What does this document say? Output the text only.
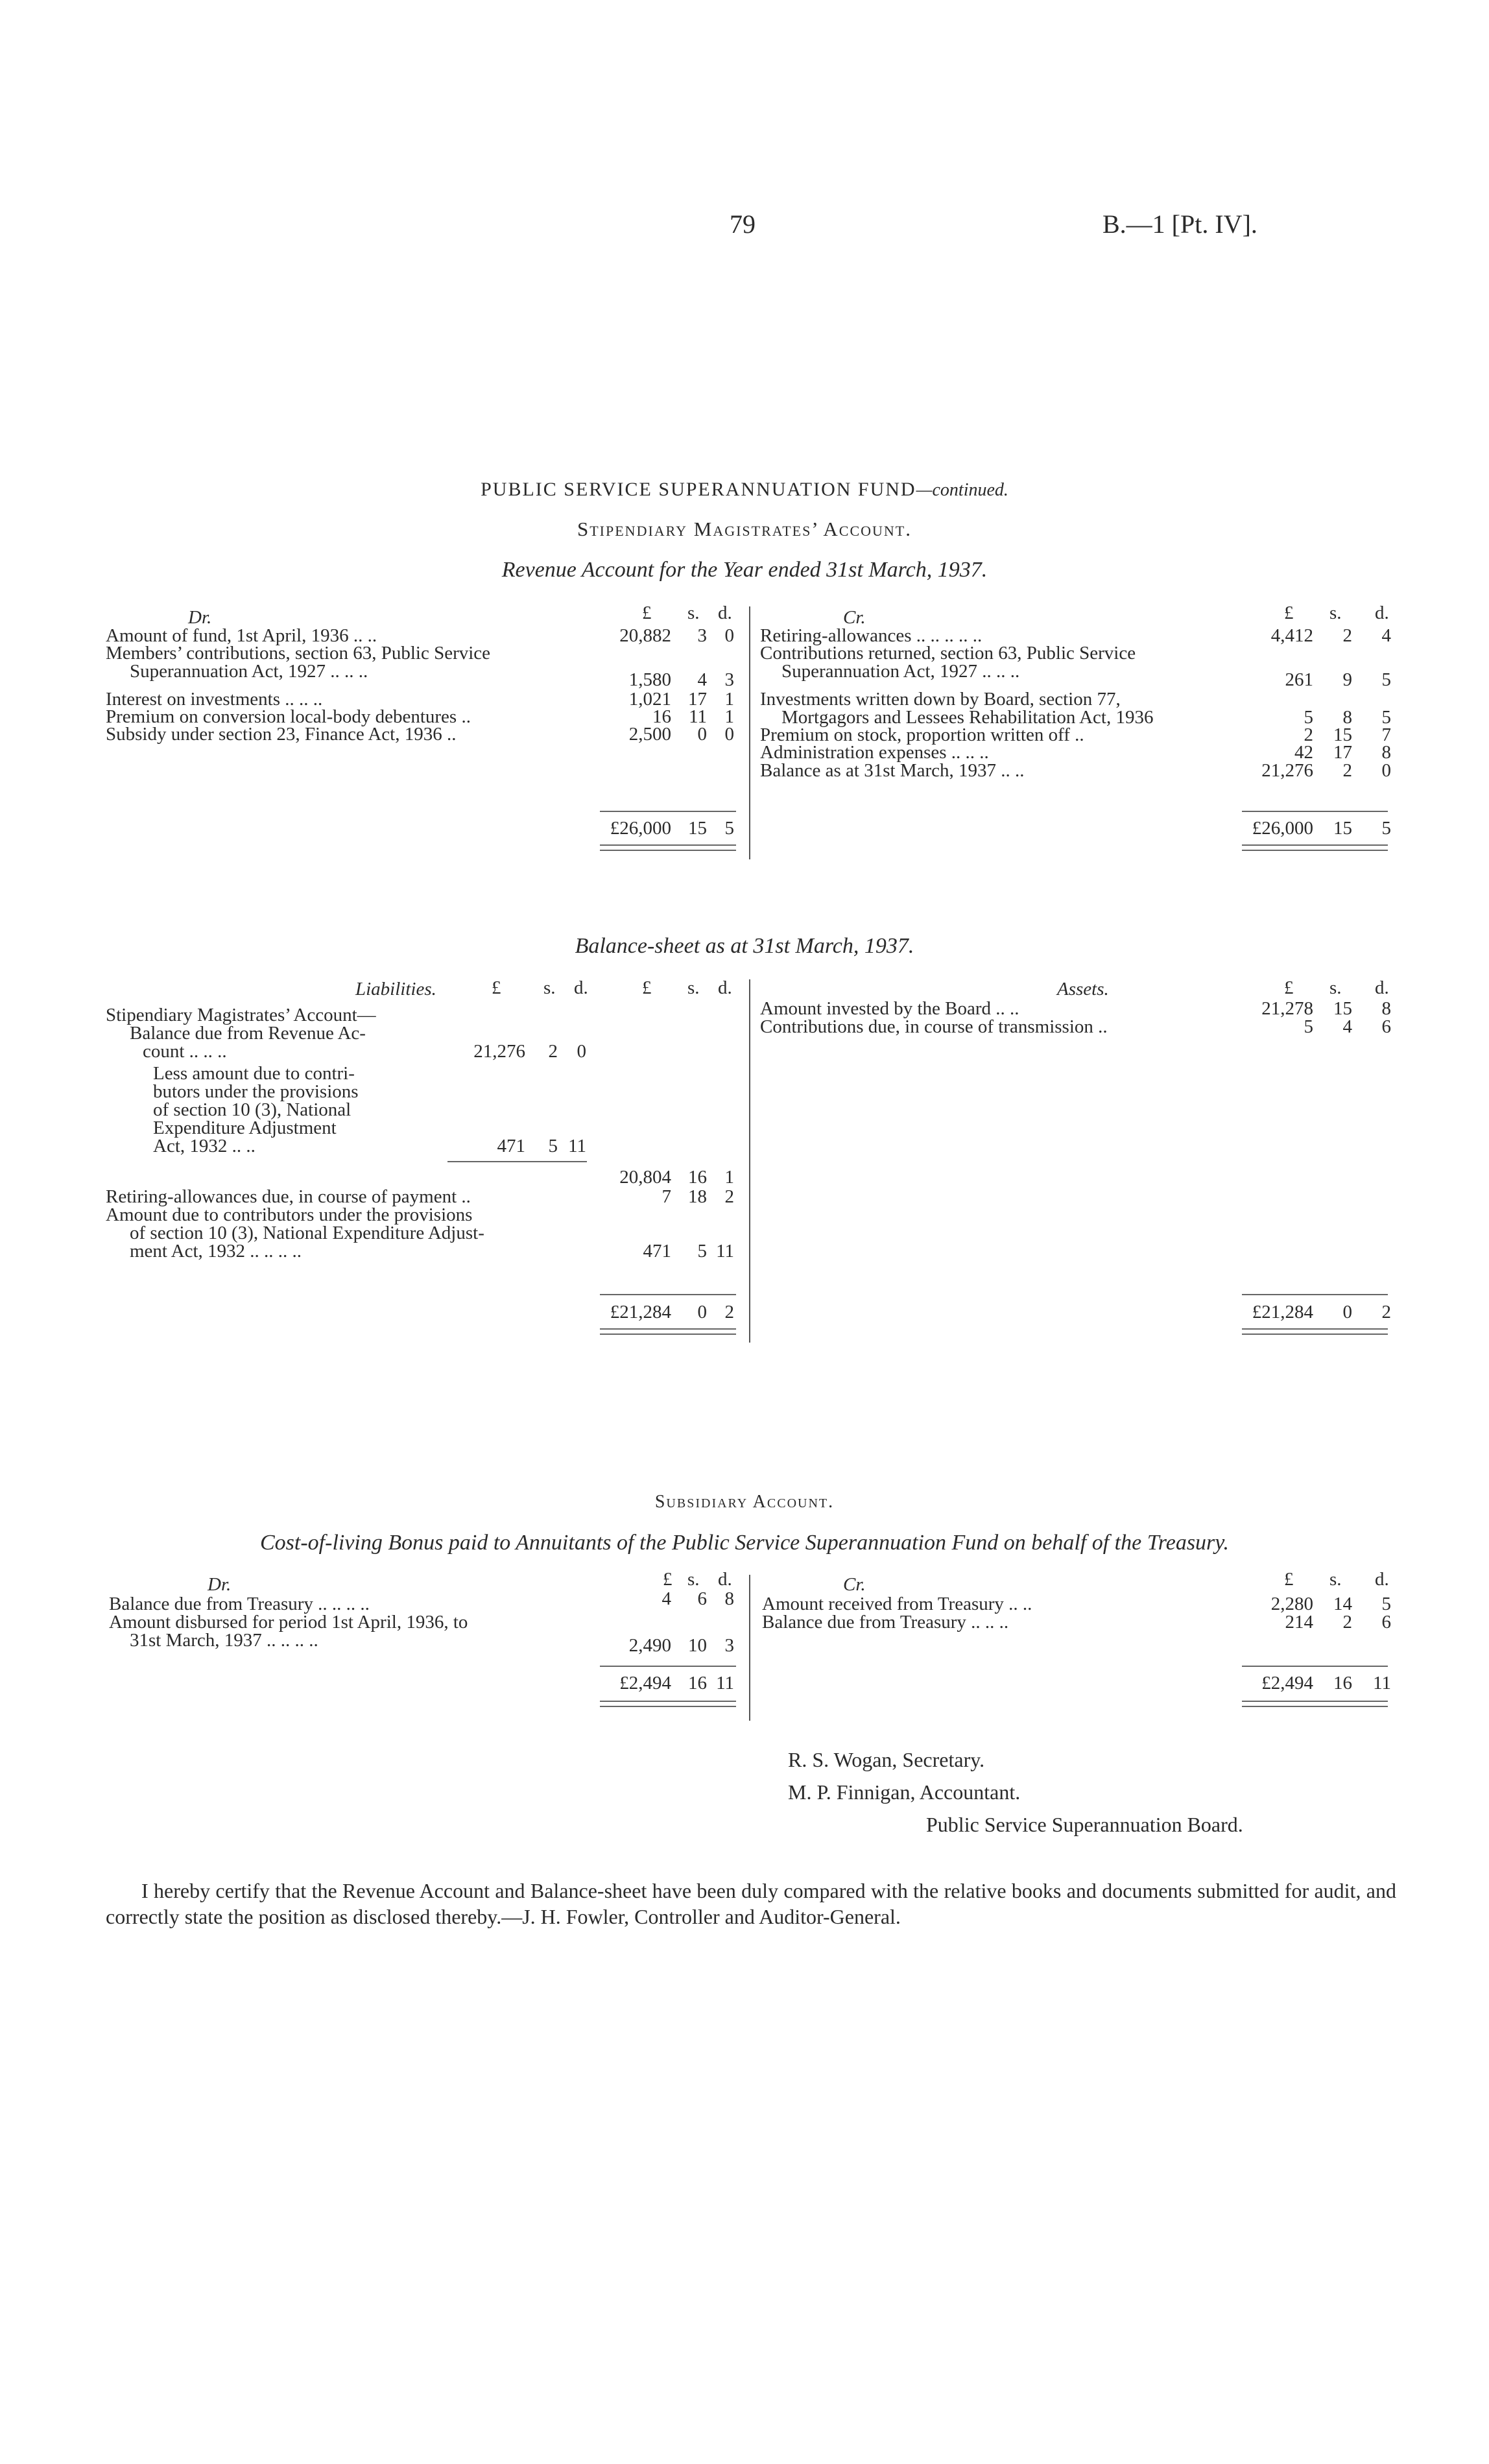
79	B.—1 [Pt. IV].
PUBLIC SERVICE SUPERANNUATION FUND—continued.
Stipendiary Magistrates’ Account.
Revenue Account for the Year ended 31st March, 1937.
Dr.	£ s. d.	Cr.	£ s. d.
Amount of fund, 1st April, 1936 .. ..	20,882	3 0
Members’ contributions, section 63, Public Service
Superannuation Act, 1927 .. .. ..	1,580	4 3
Interest on investments .. .. ..	1,021 17 1
Premium on conversion local-body debentures ..	16 11 1
Subsidy under section 23, Finance Act, 1936 ..	2,500	0 0
£26,000 15 5
Retiring-allowances .. .. .. .. ..	4,412	2	4
Contributions returned, section 63, Public Service
Superannuation Act, 1927 .. .. ..	261	9	5
Investments written down by Board, section 77,
Mortgagors and Lessees Rehabilitation Act, 1936	5	8	5
Premium on stock, proportion written off ..	2	15	7
Administration expenses .. .. ..	42	17	8
Balance as at 31st March, 1937 .. ..	21,276	2	0
£26,000	15	5
Balance-sheet as at 31st March, 1937.
Liabilities.	£ s. d.	£ s. d.
Stipendiary Magistrates’ Account—
Balance due from Revenue Ac-
count .. .. ..	21,276	2	0
Less amount due to contri-
butors under the provisions
of section 10 (3), National
Expenditure Adjustment
Act, 1932 .. ..	471	5 11
20,804 16 1
Retiring-allowances due, in course of payment ..	7 18 2
Amount due to contributors under the provisions
of section 10 (3), National Expenditure Adjust-
ment Act, 1932 .. .. .. ..	471	5 11
£21,284	0 2
Assets.	£ s. d.
Amount invested by the Board .. ..	21,278	15	8
Contributions due, in course of transmission ..	5	4	6
£21,284	0	2
Subsidiary Account.
Cost-of-living Bonus paid to Annuitants of the Public Service Superannuation Fund on behalf of the Treasury.
Dr.	£ s. d.	Cr.	£ s. d.
Balance due from Treasury .. .. .. ..	4	6 8
Amount disbursed for period 1st April, 1936, to
31st March, 1937 .. .. .. ..	2,490 10 3
£2,494 16 11
Amount received from Treasury .. ..	2,280	14	5
Balance due from Treasury .. .. ..	214	2	6
£2,494	16	11
R. S. Wogan, Secretary.
M. P. Finnigan, Accountant.
Public Service Superannuation Board.
I hereby certify that the Revenue Account and Balance-sheet have been duly compared with the relative books and documents submitted for audit, and correctly state the position as disclosed thereby.—J. H. Fowler, Controller and Auditor-General.
